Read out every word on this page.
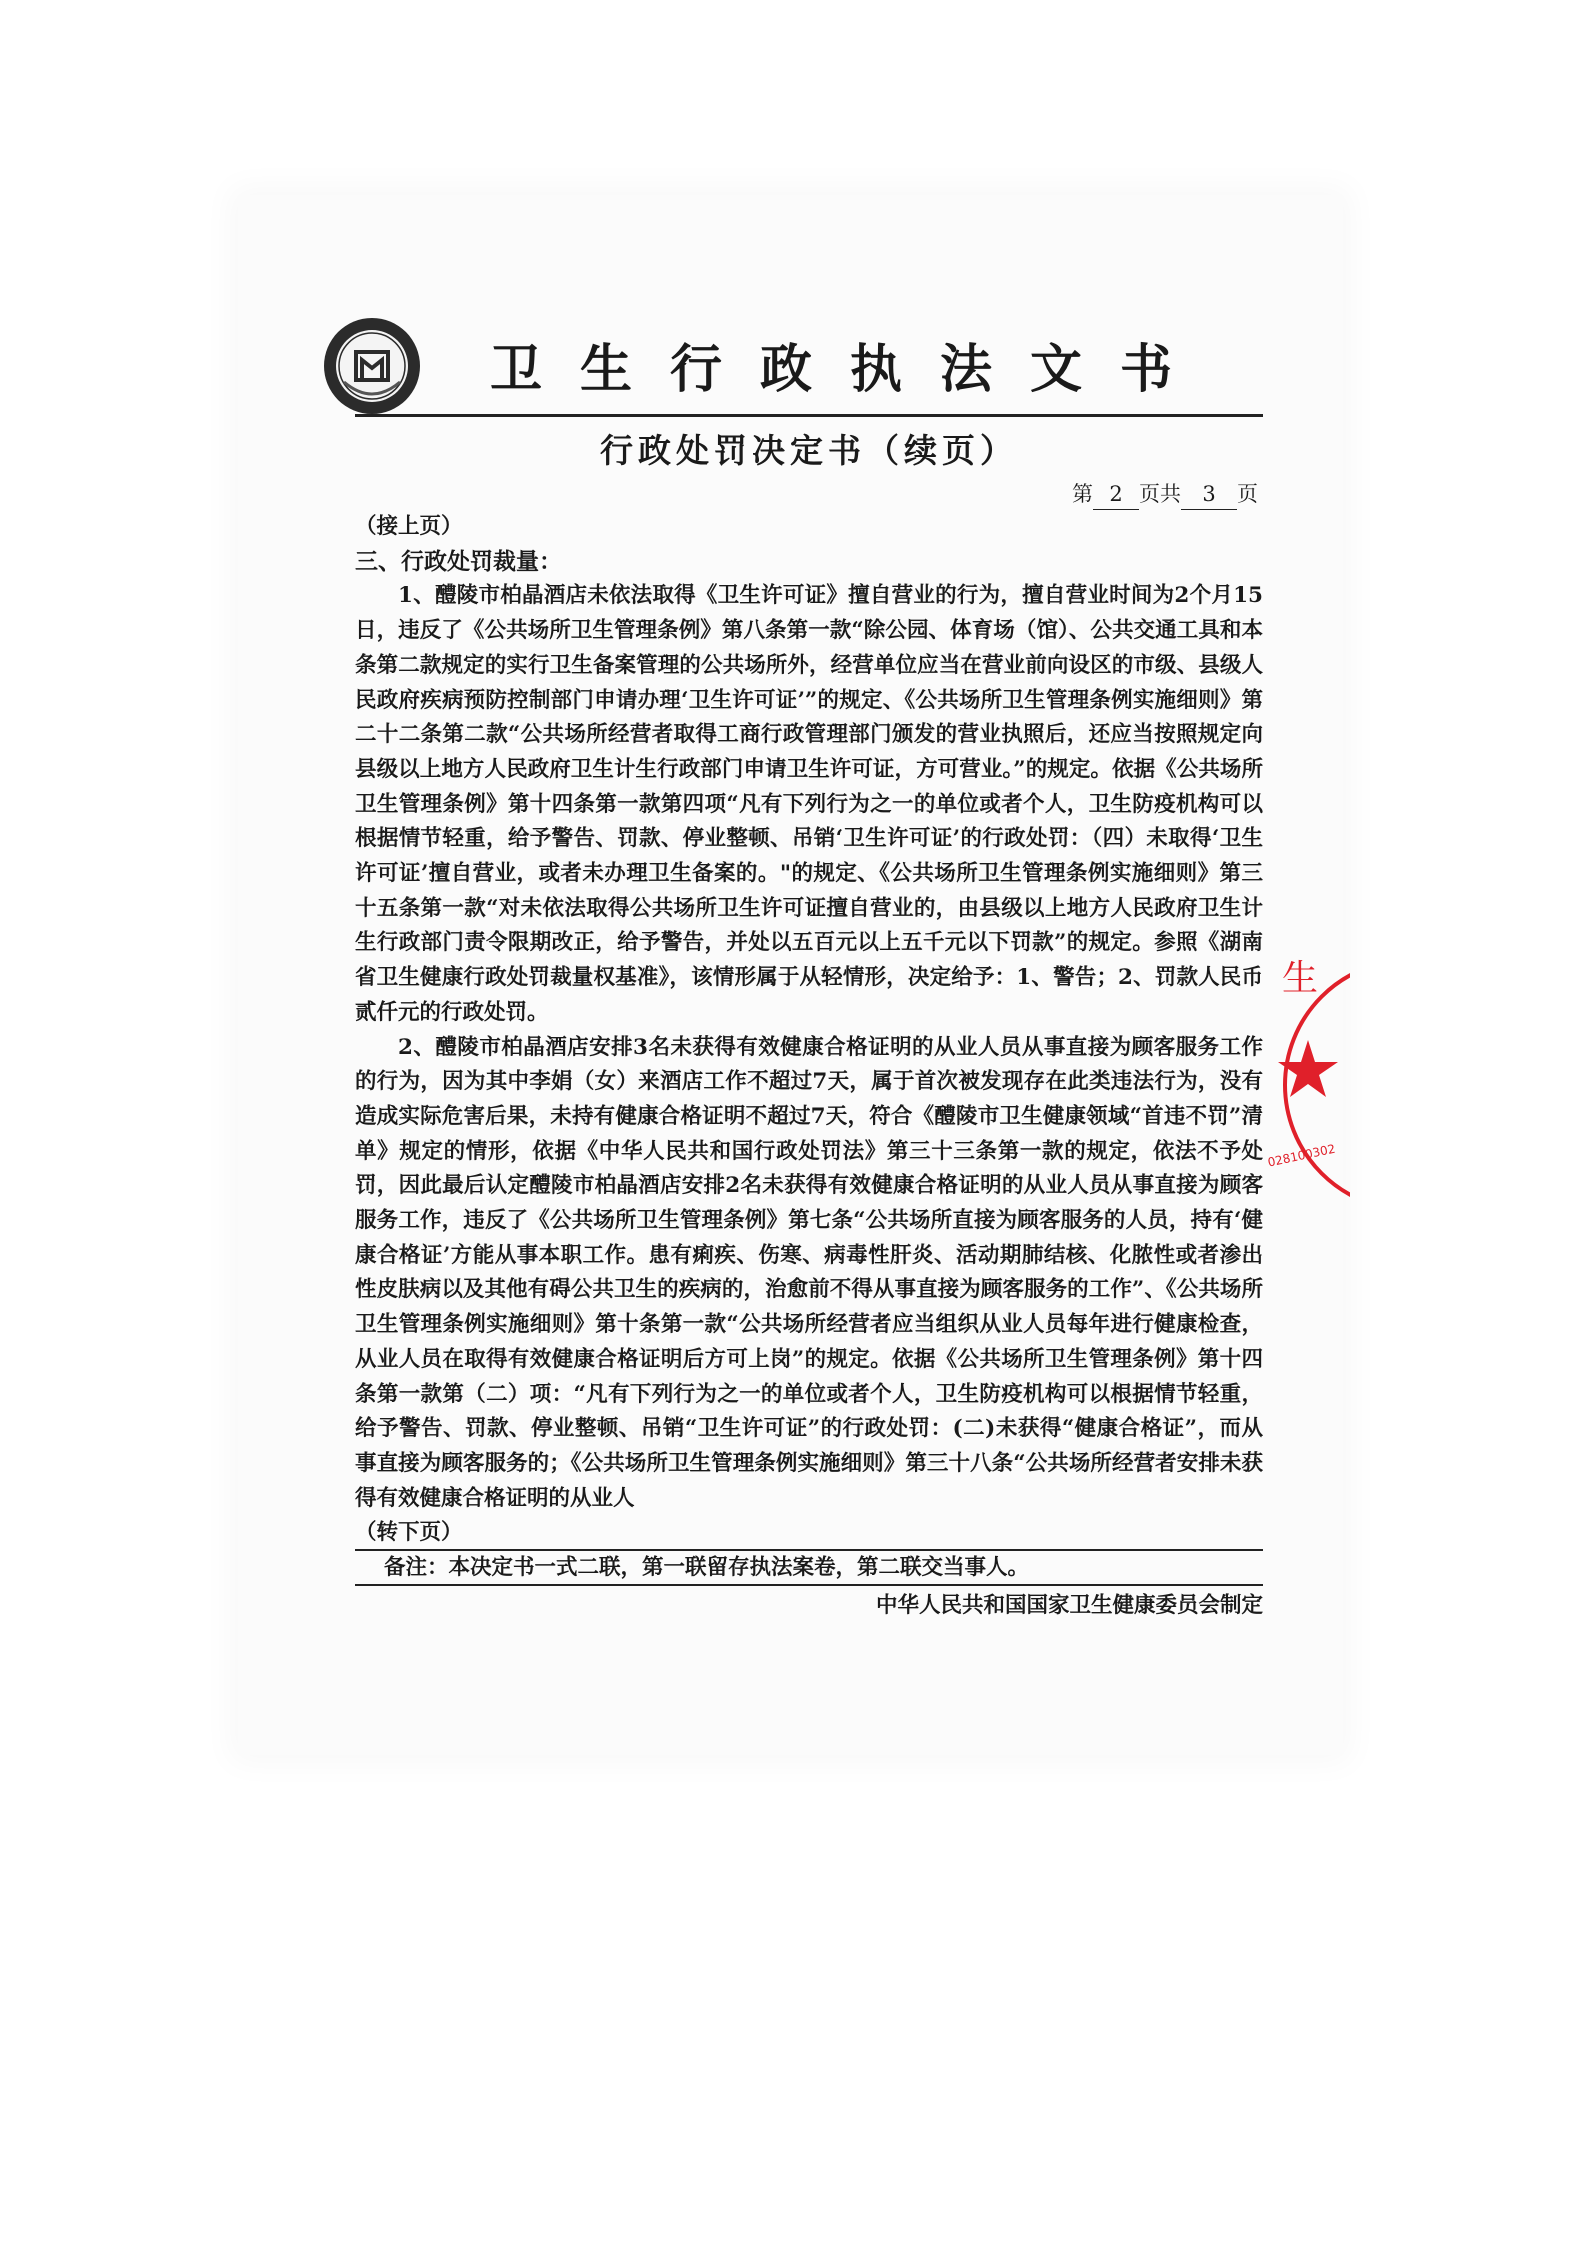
卫生行政执法文书
行政处罚决定书（续页）
第 2 页共 3 页

（接上页）

三、行政处罚裁量：

1、醴陵市柏晶酒店未依法取得《卫生许可证》擅自营业的行为，擅自营业时间为2个月15日，违反了《公共场所卫生管理条例》第八条第一款“除公园、体育场（馆）、公共交通工具和本条第二款规定的实行卫生备案管理的公共场所外，经营单位应当在营业前向设区的市级、县级人民政府疾病预防控制部门申请办理‘卫生许可证’”的规定、《公共场所卫生管理条例实施细则》第二十二条第二款“公共场所经营者取得工商行政管理部门颁发的营业执照后，还应当按照规定向县级以上地方人民政府卫生计生行政部门申请卫生许可证，方可营业。”的规定。依据《公共场所卫生管理条例》第十四条第一款第四项“凡有下列行为之一的单位或者个人，卫生防疫机构可以根据情节轻重，给予警告、罚款、停业整顿、吊销‘卫生许可证’的行政处罚：（四）未取得‘卫生许可证’擅自营业，或者未办理卫生备案的。"的规定、《公共场所卫生管理条例实施细则》第三十五条第一款“对未依法取得公共场所卫生许可证擅自营业的，由县级以上地方人民政府卫生计生行政部门责令限期改正，给予警告，并处以五百元以上五千元以下罚款”的规定。参照《湖南省卫生健康行政处罚裁量权基准》，该情形属于从轻情形，决定给予：1、警告；2、罚款人民币贰仟元的行政处罚。

2、醴陵市柏晶酒店安排3名未获得有效健康合格证明的从业人员从事直接为顾客服务工作的行为，因为其中李娟（女）来酒店工作不超过7天，属于首次被发现存在此类违法行为，没有造成实际危害后果，未持有健康合格证明不超过7天，符合《醴陵市卫生健康领域“首违不罚”清单》规定的情形，依据《中华人民共和国行政处罚法》第三十三条第一款的规定，依法不予处罚，因此最后认定醴陵市柏晶酒店安排2名未获得有效健康合格证明的从业人员从事直接为顾客服务工作，违反了《公共场所卫生管理条例》第七条“公共场所直接为顾客服务的人员，持有‘健康合格证’方能从事本职工作。患有痢疾、伤寒、病毒性肝炎、活动期肺结核、化脓性或者渗出性皮肤病以及其他有碍公共卫生的疾病的，治愈前不得从事直接为顾客服务的工作”、《公共场所卫生管理条例实施细则》第十条第一款“公共场所经营者应当组织从业人员每年进行健康检查，从业人员在取得有效健康合格证明后方可上岗”的规定。依据《公共场所卫生管理条例》第十四条第一款第（二）项：“凡有下列行为之一的单位或者个人，卫生防疫机构可以根据情节轻重，给予警告、罚款、停业整顿、吊销“卫生许可证”的行政处罚：(二)未获得“健康合格证”，而从事直接为顾客服务的；《公共场所卫生管理条例实施细则》第三十八条“公共场所经营者安排未获得有效健康合格证明的从业人

（转下页）

备注：本决定书一式二联，第一联留存执法案卷，第二联交当事人。
中华人民共和国国家卫生健康委员会制定
生
028100302
